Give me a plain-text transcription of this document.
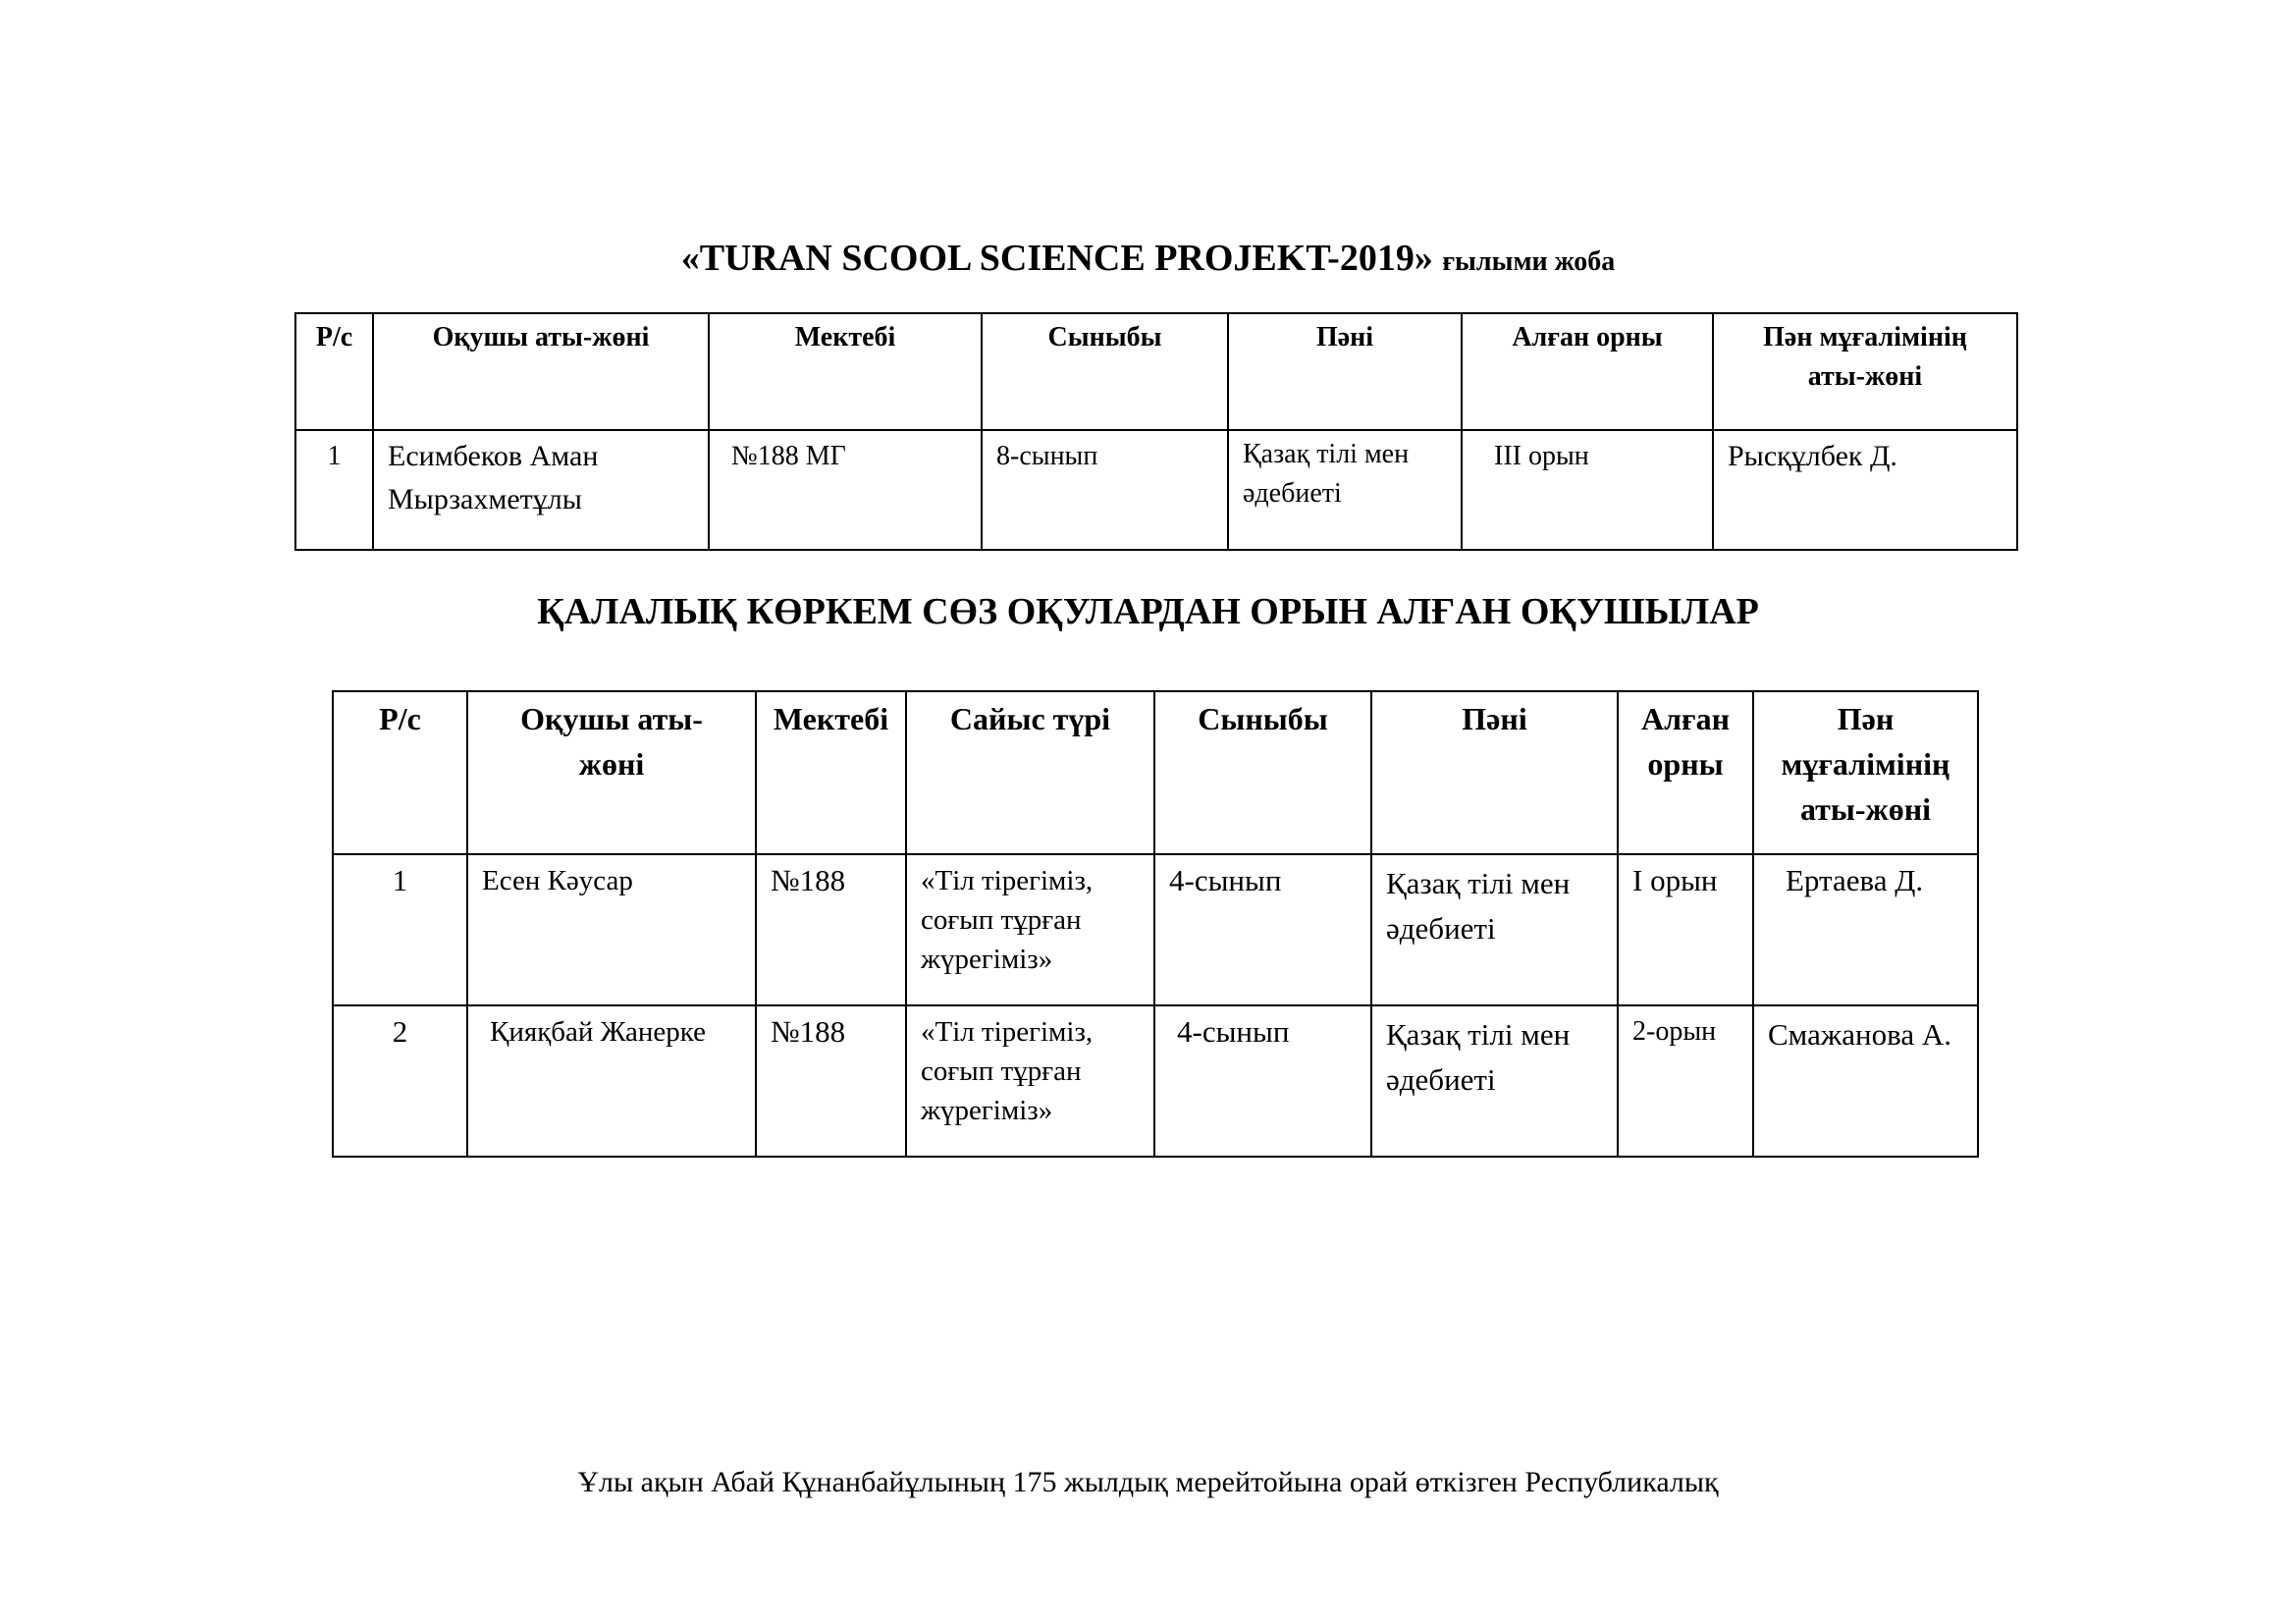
«TURAN SCOOL SCIENCE PROJEKT-2019» ғылыми жоба
Р/с	Оқушы аты-жөні	Мектебі	Сыныбы	Пәні	Алған орны	Пән мұғалімінің аты-жөні
1	Есимбеков Аман Мырзахметұлы	№188 МГ	8-сынып	Қазақ тілі мен әдебиеті	III орын	Рысқұлбек Д.
ҚАЛАЛЫҚ КӨРКЕМ СӨЗ ОҚУЛАРДАН ОРЫН АЛҒАН ОҚУШЫЛАР
Р/с	Оқушы аты-жөні	Мектебі	Сайыс түрі	Сыныбы	Пәні	Алған орны	Пән мұғалімінің аты-жөні
1	Есен Кәусар	№188	«Тіл тірегіміз, соғып тұрған жүрегіміз»	4-сынып	Қазақ тілі мен әдебиеті	I орын	Ертаева Д.
2	Қияқбай Жанерке	№188	«Тіл тірегіміз, соғып тұрған жүрегіміз»	4-сынып	Қазақ тілі мен әдебиеті	2-орын	Смажанова А.
Ұлы ақын Абай Құнанбайұлының 175 жылдық мерейтойына орай өткізген Республикалық
